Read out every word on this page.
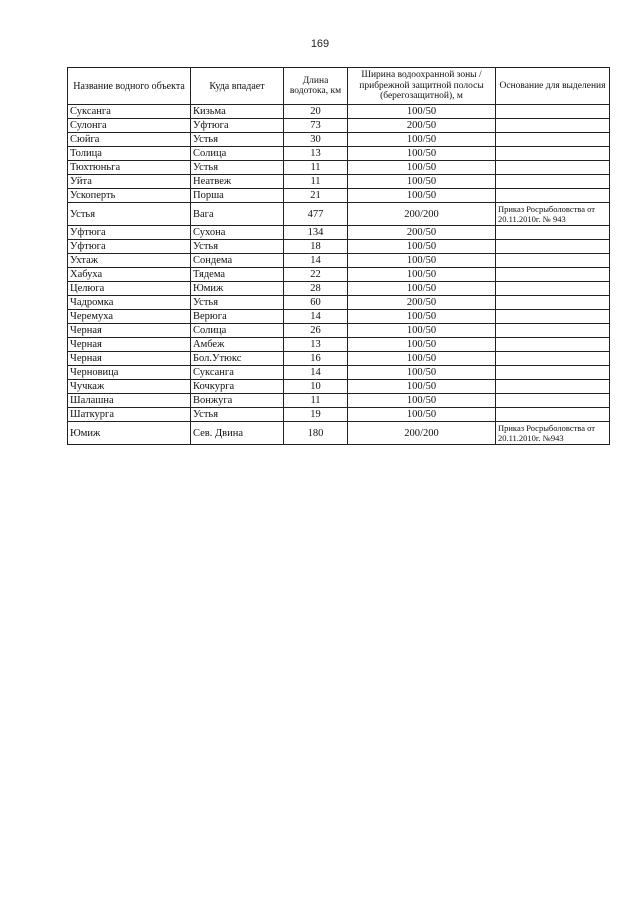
169
Название водного объекта	Куда впадает	Длина водотока, км	Ширина водоохранной зоны / прибрежной защитной полосы (берегозащитной), м	Основание для выделения
Суксанга	Кизьма	20	100/50	
Сулонга	Уфтюга	73	200/50	
Сюйга	Устья	30	100/50	
Толица	Солица	13	100/50	
Тюхтюньга	Устья	11	100/50	
Уйта	Неатвеж	11	100/50	
Ускоперть	Порша	21	100/50	
Устья	Вага	477	200/200	Приказ Росрыболовства от 20.11.2010г. № 943
Уфтюга	Сухона	134	200/50	
Уфтюга	Устья	18	100/50	
Ухтаж	Сондема	14	100/50	
Хабуха	Тядема	22	100/50	
Целюга	Юмиж	28	100/50	
Чадромка	Устья	60	200/50	
Черемуха	Верюга	14	100/50	
Черная	Солица	26	100/50	
Черная	Амбеж	13	100/50	
Черная	Бол.Утюкс	16	100/50	
Черновица	Суксанга	14	100/50	
Чучкаж	Кочкурга	10	100/50	
Шалашна	Вонжуга	11	100/50	
Шаткурга	Устья	19	100/50	
Юмиж	Сев. Двина	180	200/200	Приказ Росрыболовства от 20.11.2010г. №943
